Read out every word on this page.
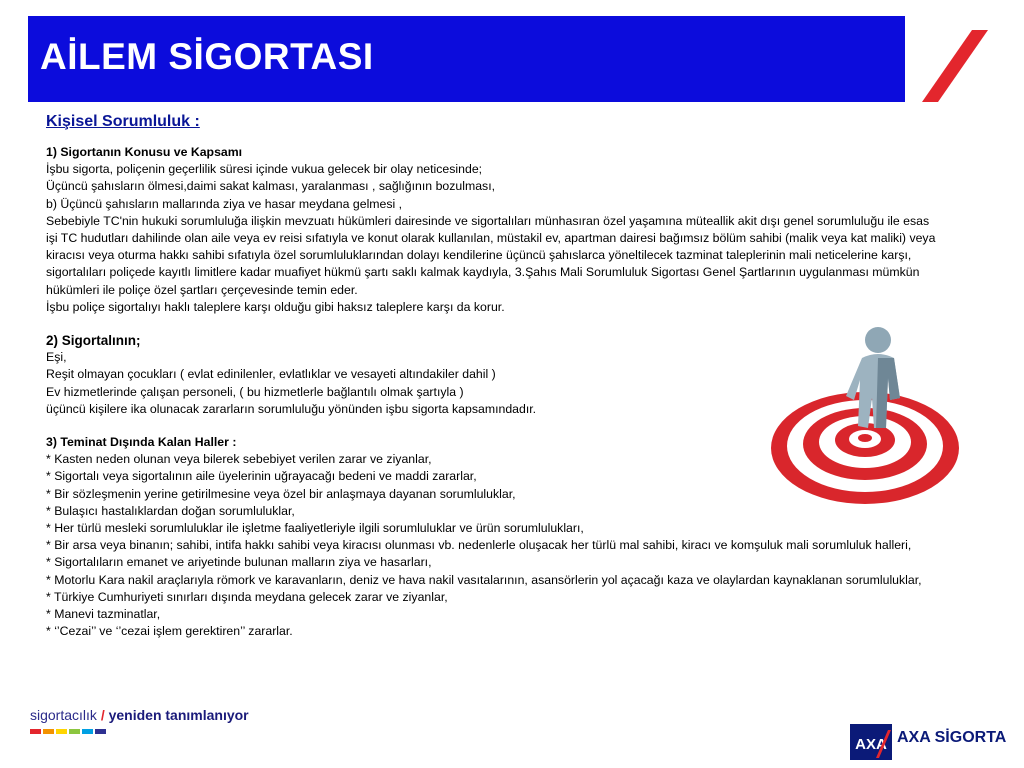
AİLEM SİGORTASI
Kişisel Sorumluluk :
1) Sigortanın Konusu ve Kapsamı
İşbu sigorta, poliçenin geçerlilik süresi içinde vukua gelecek bir olay neticesinde;
Üçüncü şahısların ölmesi,daimi sakat kalması, yaralanması , sağlığının bozulması,
b) Üçüncü şahısların mallarında ziya ve hasar meydana gelmesi ,
Sebebiyle TC'nin hukuki sorumluluğa ilişkin mevzuatı hükümleri dairesinde ve sigortalıları münhasıran özel yaşamına müteallik akit dışı genel sorumluluğu ile esas işi TC hudutları dahilinde olan aile veya ev reisi sıfatıyla ve konut olarak kullanılan, müstakil ev, apartman dairesi bağımsız bölüm sahibi (malik veya kat maliki) veya kiracısı veya oturma hakkı sahibi sıfatıyla özel sorumluluklarından dolayı kendilerine üçüncü şahıslarca yöneltilecek tazminat taleplerinin mali neticelerine karşı, sigortalıları poliçede kayıtlı limitlere kadar muafiyet hükmü şartı saklı kalmak kaydıyla, 3.Şahıs Mali Sorumluluk Sigortası Genel Şartlarının uygulanması mümkün hükümleri ile poliçe özel şartları çerçevesinde temin eder.
İşbu poliçe sigortalıyı haklı taleplere karşı olduğu gibi haksız taleplere karşı da korur.
2) Sigortalının;
Eşi,
Reşit olmayan çocukları ( evlat edinilenler, evlatlıklar ve vesayeti altındakiler dahil )
Ev hizmetlerinde çalışan personeli, ( bu hizmetlerle bağlantılı olmak şartıyla )
üçüncü kişilere ika olunacak zararların sorumluluğu yönünden işbu sigorta kapsamındadır.
3) Teminat Dışında Kalan Haller :
* Kasten neden olunan veya bilerek sebebiyet verilen zarar ve ziyanlar,
* Sigortalı veya sigortalının aile üyelerinin uğrayacağı bedeni ve maddi zararlar,
* Bir sözleşmenin yerine getirilmesine veya özel bir anlaşmaya dayanan sorumluluklar,
* Bulaşıcı hastalıklardan doğan sorumluluklar,
* Her türlü mesleki sorumluluklar ile işletme faaliyetleriyle ilgili sorumluluklar ve ürün sorumlulukları,
* Bir arsa veya binanın; sahibi, intifa hakkı sahibi veya kiracısı olunması vb. nedenlerle oluşacak her türlü mal sahibi, kiracı ve komşuluk mali sorumluluk halleri,
* Sigortalıların emanet ve ariyetinde bulunan malların ziya ve hasarları,
* Motorlu Kara nakil araçlarıyla römork ve karavanların, deniz ve hava nakil vasıtalarının, asansörlerin yol açacağı kaza ve olaylardan kaynaklanan sorumluluklar,
* Türkiye Cumhuriyeti sınırları dışında meydana gelecek zarar ve ziyanlar,
* Manevi tazminatlar,
* ‘’Cezai’’ ve ‘’cezai işlem gerektiren’’ zararlar.
sigortacılık / yeniden tanımlanıyor
AXA AXA SİGORTA
